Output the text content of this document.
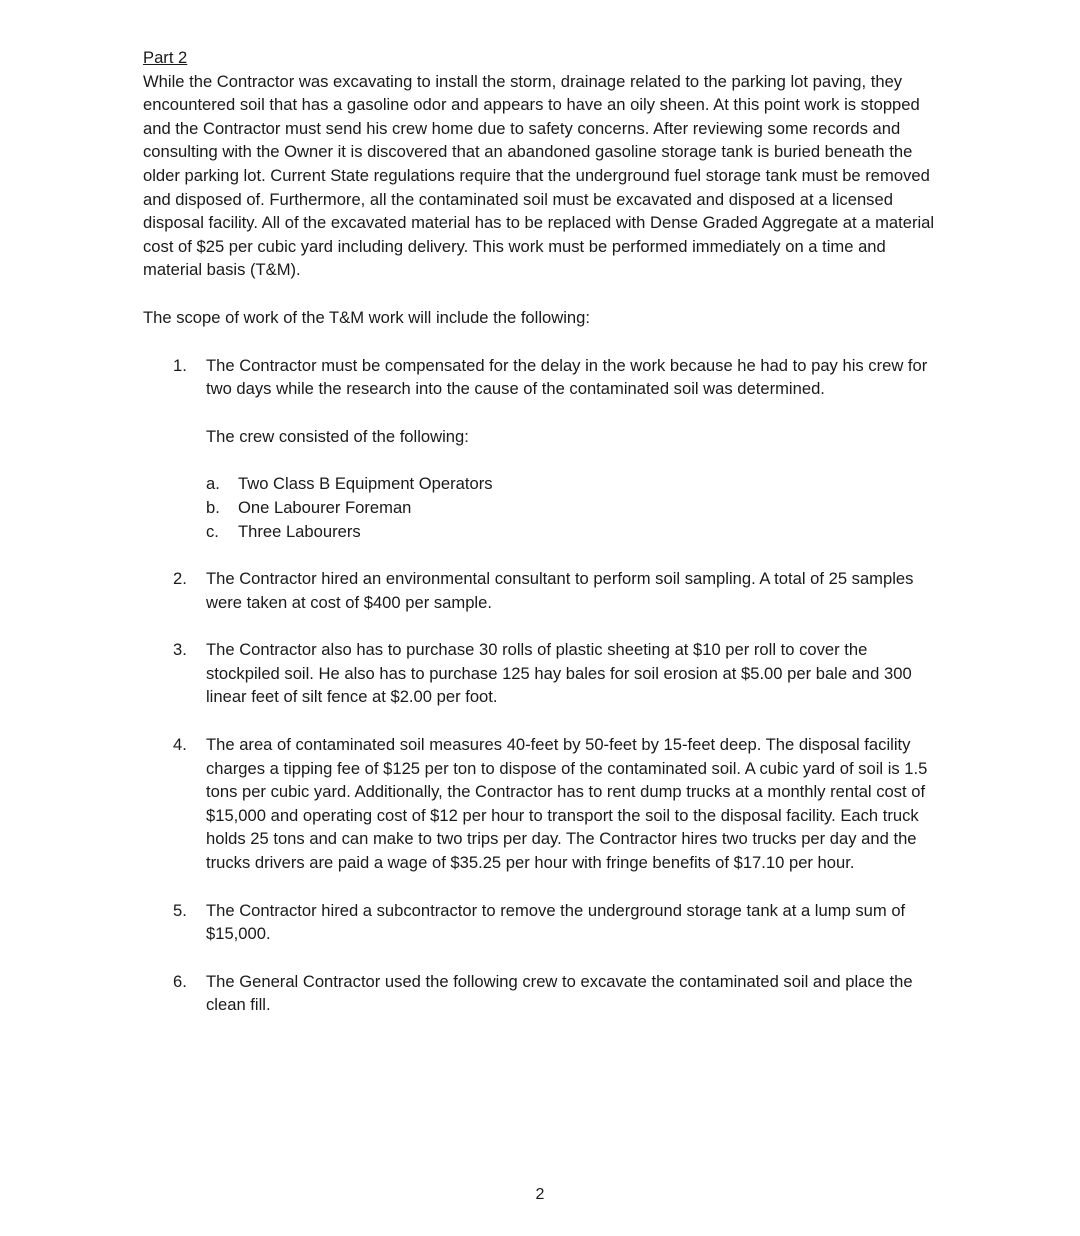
Part 2

While the Contractor was excavating to install the storm, drainage related to the parking lot paving, they encountered soil that has a gasoline odor and appears to have an oily sheen. At this point work is stopped and the Contractor must send his crew home due to safety concerns. After reviewing some records and consulting with the Owner it is discovered that an abandoned gasoline storage tank is buried beneath the older parking lot. Current State regulations require that the underground fuel storage tank must be removed and disposed of. Furthermore, all the contaminated soil must be excavated and disposed at a licensed disposal facility. All of the excavated material has to be replaced with Dense Graded Aggregate at a material cost of $25 per cubic yard including delivery. This work must be performed immediately on a time and material basis (T&M).

The scope of work of the T&M work will include the following:

1. The Contractor must be compensated for the delay in the work because he had to pay his crew for two days while the research into the cause of the contaminated soil was determined.

The crew consisted of the following:

a. Two Class B Equipment Operators
b. One Labourer Foreman
c. Three Labourers
2. The Contractor hired an environmental consultant to perform soil sampling. A total of 25 samples were taken at cost of $400 per sample.

3. The Contractor also has to purchase 30 rolls of plastic sheeting at $10 per roll to cover the stockpiled soil. He also has to purchase 125 hay bales for soil erosion at $5.00 per bale and 300 linear feet of silt fence at $2.00 per foot.

4. The area of contaminated soil measures 40-feet by 50-feet by 15-feet deep. The disposal facility charges a tipping fee of $125 per ton to dispose of the contaminated soil. A cubic yard of soil is 1.5 tons per cubic yard. Additionally, the Contractor has to rent dump trucks at a monthly rental cost of $15,000 and operating cost of $12 per hour to transport the soil to the disposal facility. Each truck holds 25 tons and can make to two trips per day. The Contractor hires two trucks per day and the trucks drivers are paid a wage of $35.25 per hour with fringe benefits of $17.10 per hour.

5. The Contractor hired a subcontractor to remove the underground storage tank at a lump sum of $15,000.

6. The General Contractor used the following crew to excavate the contaminated soil and place the clean fill.

2
